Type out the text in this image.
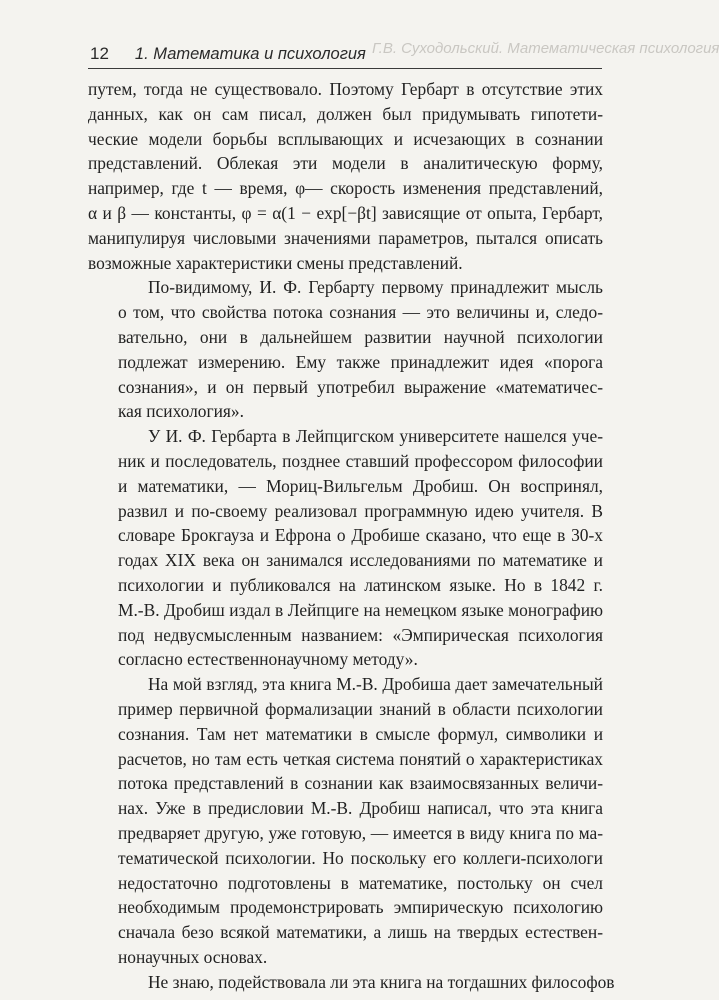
Г.В. Суходольский. Математическая психология
12 1. Математика и психология

путем, тогда не существовало. Поэтому Гербарт в отсутствие этих
данных, как он сам писал, должен был придумывать гипотети-
ческие модели борьбы всплывающих и исчезающих в сознании
представлений. Облекая эти модели в аналитическую форму,
например, где t — время, φ— скорость изменения представлений,
α и β — константы, φ = α(1 − exp[−βt] зависящие от опыта, Гербарт,
манипулируя числовыми значениями параметров, пытался описать
возможные характеристики смены представлений.

По-видимому, И. Ф. Гербарту первому принадлежит мысль
о том, что свойства потока сознания — это величины и, следо-
вательно, они в дальнейшем развитии научной психологии
подлежат измерению. Ему также принадлежит идея «порога
сознания», и он первый употребил выражение «математичес-
кая психология».

У И. Ф. Гербарта в Лейпцигском университете нашелся уче-
ник и последователь, позднее ставший профессором философии
и математики, — Мориц-Вильгельм Дробиш. Он воспринял,
развил и по-своему реализовал программную идею учителя. В
словаре Брокгауза и Ефрона о Дробише сказано, что еще в 30-х
годах XIX века он занимался исследованиями по математике и
психологии и публиковался на латинском языке. Но в 1842 г.
М.-В. Дробиш издал в Лейпциге на немецком языке монографию
под недвусмысленным названием: «Эмпирическая психология
согласно естественнонаучному методу».

На мой взгляд, эта книга М.-В. Дробиша дает замечательный
пример первичной формализации знаний в области психологии
сознания. Там нет математики в смысле формул, символики и
расчетов, но там есть четкая система понятий о характеристиках
потока представлений в сознании как взаимосвязанных величи-
нах. Уже в предисловии М.-В. Дробиш написал, что эта книга
предваряет другую, уже готовую, — имеется в виду книга по ма-
тематической психологии. Но поскольку его коллеги-психологи
недостаточно подготовлены в математике, постольку он счел
необходимым продемонстрировать эмпирическую психологию
сначала безо всякой математики, а лишь на твердых естествен-
нонаучных основах.

Не знаю, подействовала ли эта книга на тогдашних философов
